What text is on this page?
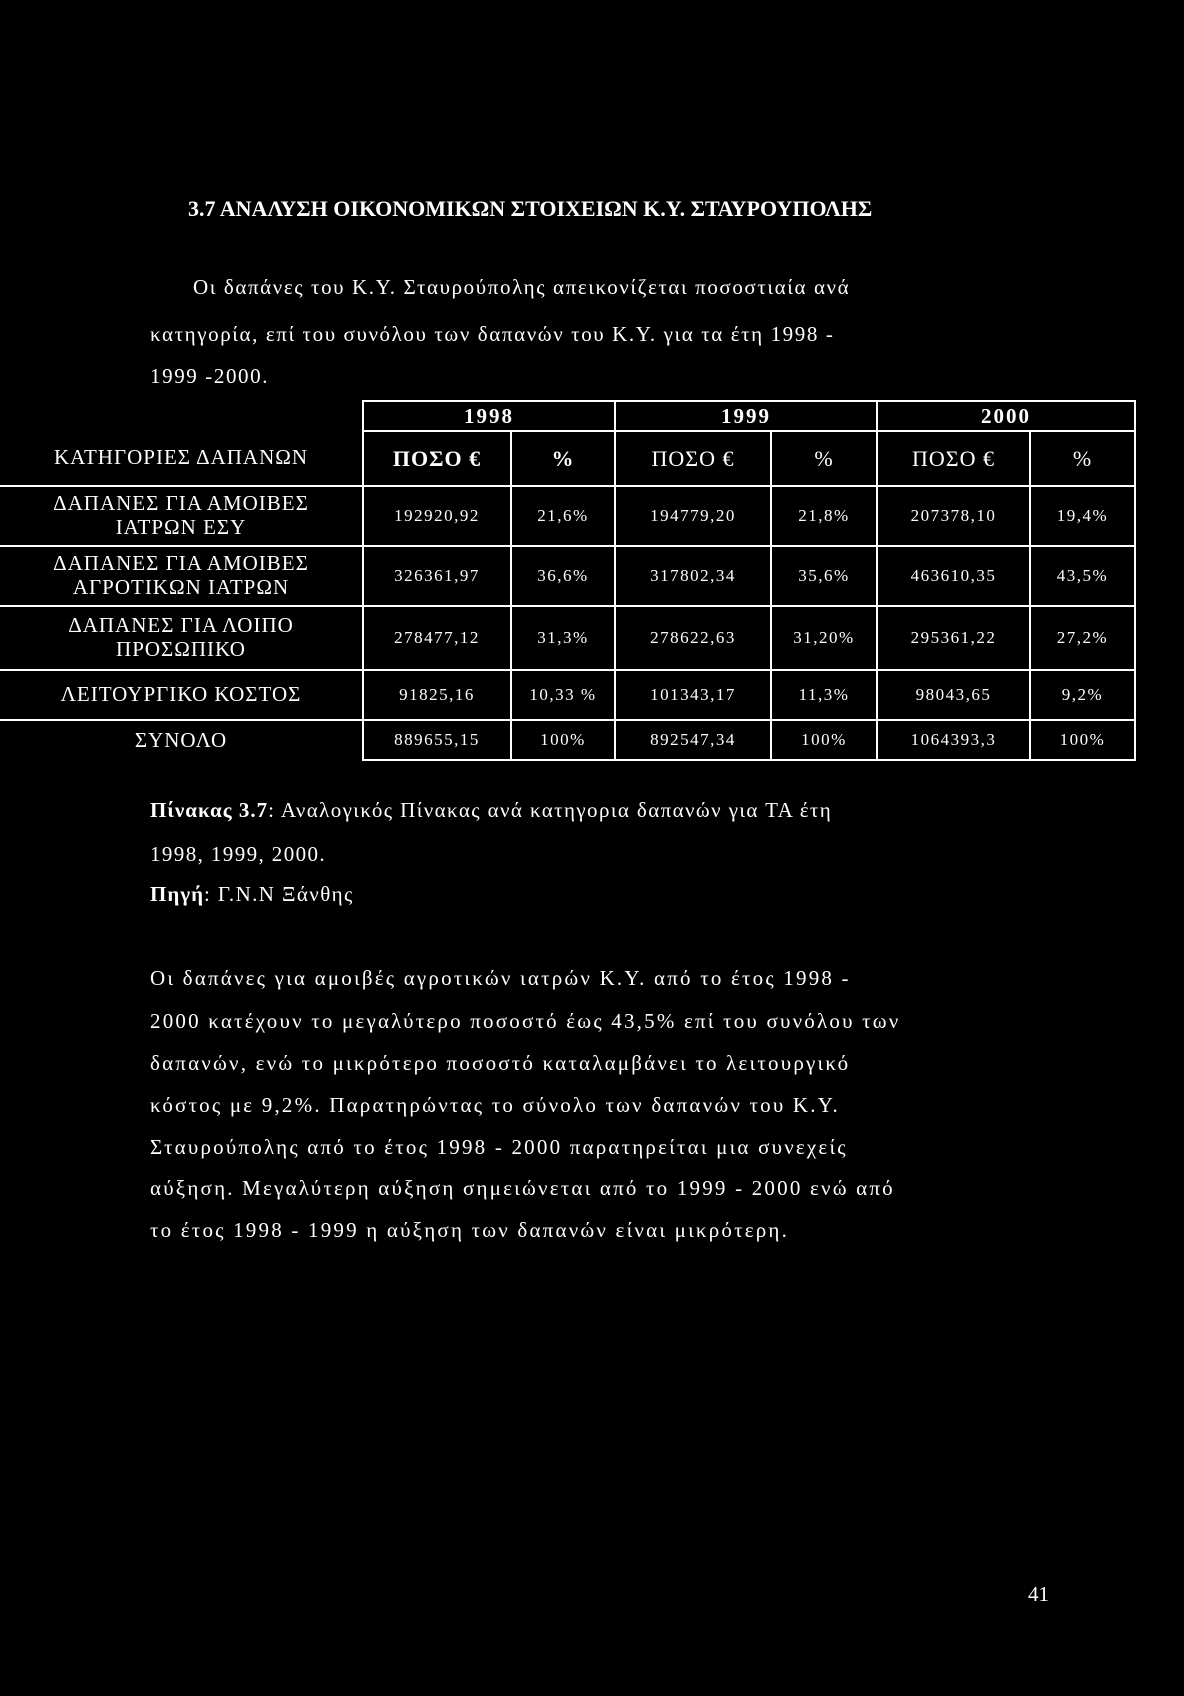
3.7 ΑΝΑΛΥΣΗ ΟΙΚΟΝΟΜΙΚΩΝ ΣΤΟΙΧΕΙΩΝ Κ.Υ. ΣΤΑΥΡΟΥΠΟΛΗΣ
Οι δαπάνες του Κ.Υ. Σταυρούπολης απεικονίζεται ποσοστιαία ανά
κατηγορία, επί του συνόλου των δαπανών του Κ.Υ. για τα έτη 1998 -
1999 -2000.
	1998		1999		2000	
ΚΑΤΗΓΟΡΙΕΣ ΔΑΠΑΝΩΝ	ΠΟΣΟ €	%	ΠΟΣΟ €	%	ΠΟΣΟ €	%
ΔΑΠΑΝΕΣ ΓΙΑ ΑΜΟΙΒΕΣ
ΙΑΤΡΩΝ ΕΣΥ	192920,92	21,6%	194779,20	21,8%	207378,10	19,4%
ΔΑΠΑΝΕΣ ΓΙΑ ΑΜΟΙΒΕΣ
ΑΓΡΟΤΙΚΩΝ ΙΑΤΡΩΝ	326361,97	36,6%	317802,34	35,6%	463610,35	43,5%
ΔΑΠΑΝΕΣ ΓΙΑ ΛΟΙΠΟ
ΠΡΟΣΩΠΙΚΟ	278477,12	31,3%	278622,63	31,20%	295361,22	27,2%
ΛΕΙΤΟΥΡΓΙΚΟ ΚΟΣΤΟΣ	91825,16	10,33 %	101343,17	11,3%	98043,65	9,2%
ΣΥΝΟΛΟ	889655,15	100%	892547,34	100%	1064393,3	100%
Πίνακας 3.7: Αναλογικός Πίνακας ανά κατηγορια δαπανών για ΤΑ έτη
1998, 1999, 2000.
Πηγή: Γ.Ν.Ν Ξάνθης
Οι δαπάνες για αμοιβές αγροτικών ιατρών Κ.Υ. από το έτος 1998 -
2000 κατέχουν το μεγαλύτερο ποσοστό έως 43,5% επί του συνόλου των
δαπανών, ενώ το μικρότερο ποσοστό καταλαμβάνει το λειτουργικό
κόστος με 9,2%. Παρατηρώντας το σύνολο των δαπανών του Κ.Υ.
Σταυρούπολης από το έτος 1998 - 2000 παρατηρείται μια συνεχείς
αύξηση. Μεγαλύτερη αύξηση σημειώνεται από το 1999 - 2000 ενώ από
το έτος 1998 - 1999 η αύξηση των δαπανών είναι μικρότερη.
41
